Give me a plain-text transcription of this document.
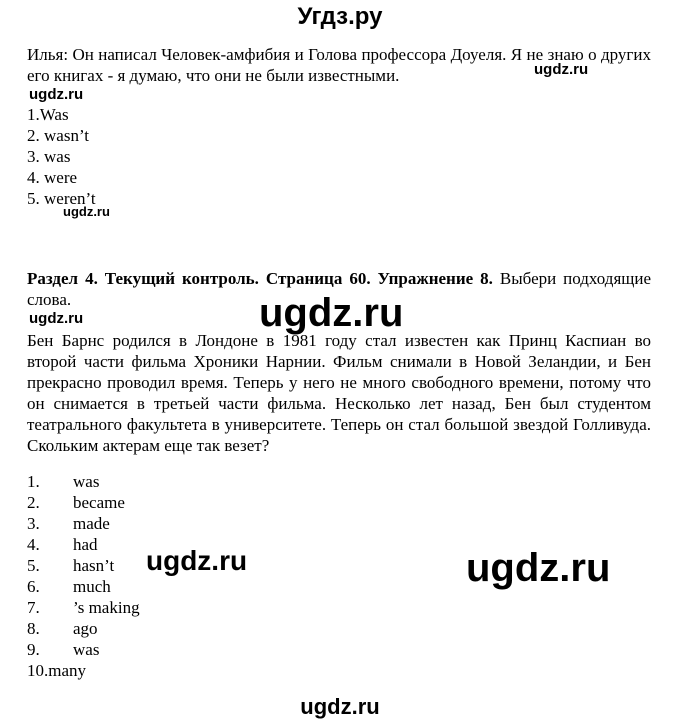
Угдз.ру
Илья: Он написал Человек-амфибия и Голова профессора Доуеля. Я не знаю о других его книгах - я думаю, что они не были известными.	ugdz.ru
ugdz.ru
1.Was
2. wasn’t
3. was
4. were
5. weren’t
ugdz.ru
Раздел 4. Текущий контроль. Страница 60. Упражнение 8. Выбери подходящие слова.
ugdz.ru	ugdz.ru
Бен Барнс родился в Лондоне в 1981 году стал известен как Принц Каспиан во второй части фильма Хроники Нарнии. Фильм снимали в Новой Зеландии, и Бен прекрасно проводил время. Теперь у него не много свободного времени, потому что он снимается в третьей части фильма. Несколько лет назад, Бен был студентом театрального факультета в университете. Теперь он стал большой звездой Голливуда. Скольким актерам еще так везет?
1. was
2. became
3. made
4. had
5. hasn’t
6. much
7. ’s making
8. ago
9. was
10.many
ugdz.ru	ugdz.ru
ugdz.ru
